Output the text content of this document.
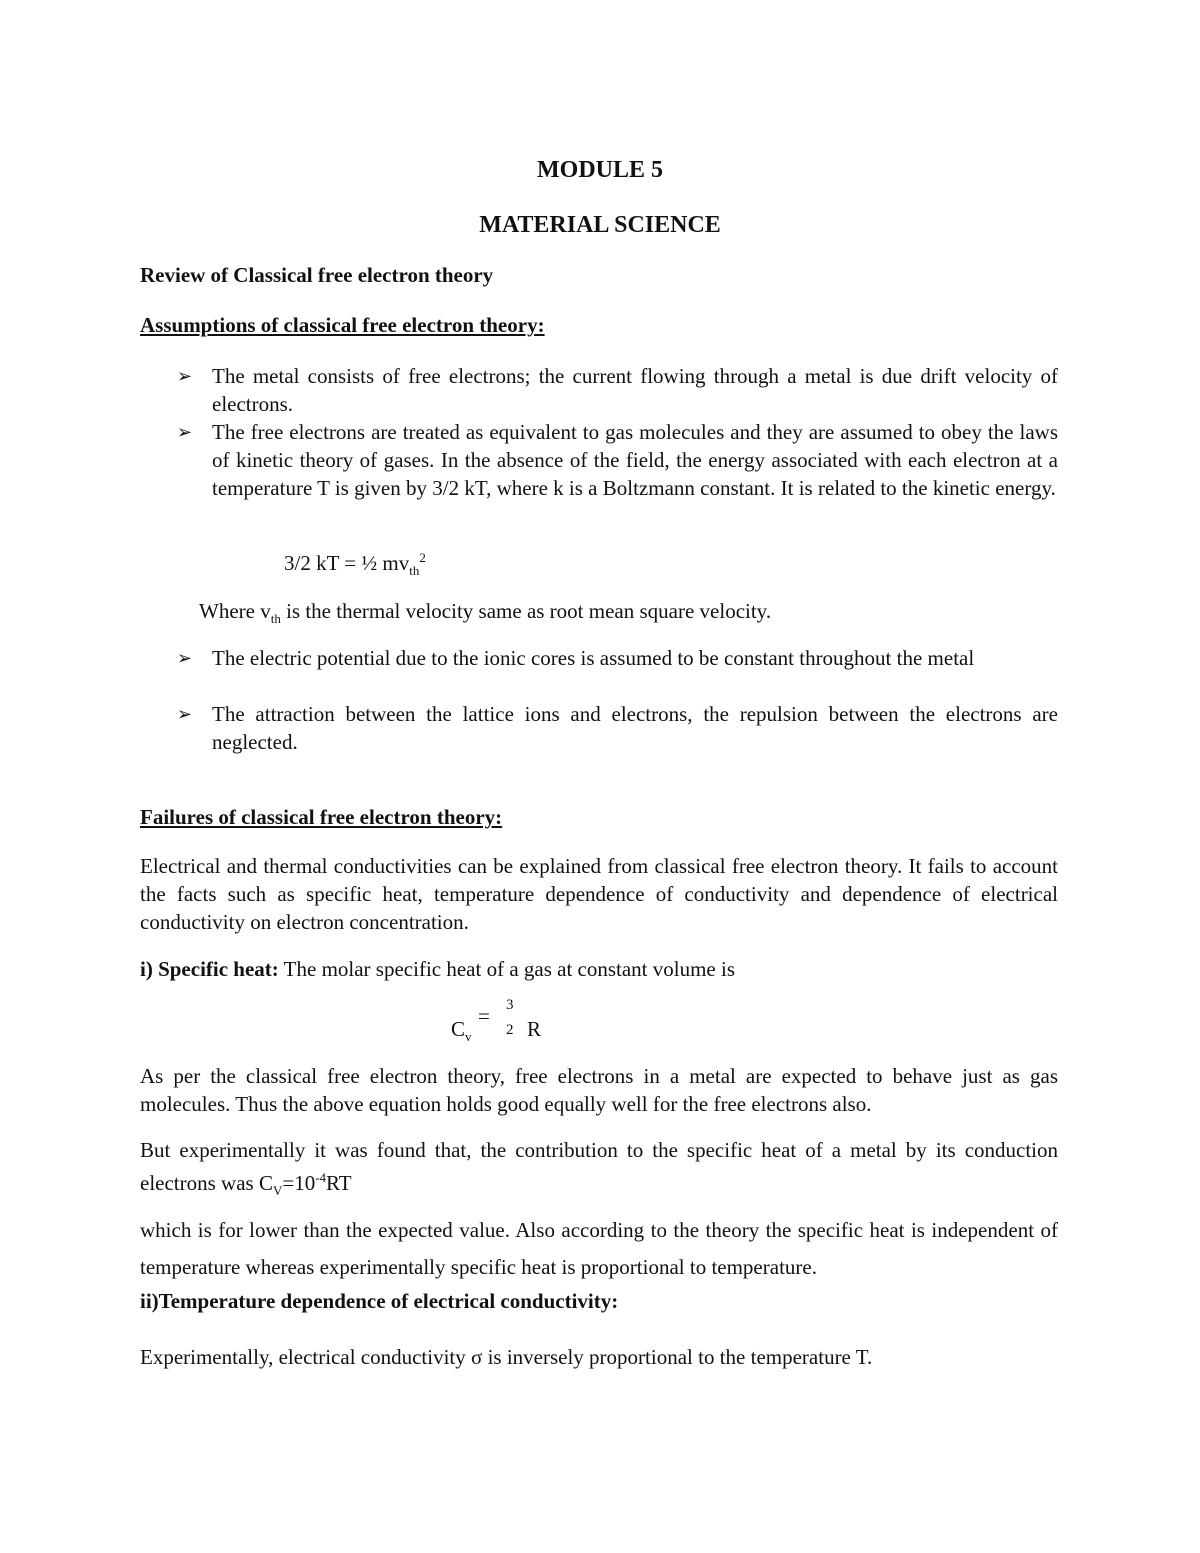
MODULE 5
MATERIAL SCIENCE
Review of Classical free electron theory
Assumptions of classical free electron theory:
➢ The metal consists of free electrons; the current flowing through a metal is due drift velocity of electrons.
➢ The free electrons are treated as equivalent to gas molecules and they are assumed to obey the laws of kinetic theory of gases. In the absence of the field, the energy associated with each electron at a temperature T is given by 3/2 kT, where k is a Boltzmann constant. It is related to the kinetic energy.
3/2 kT = ½ $mv_{th}^2$
Where $v_{th}$ is the thermal velocity same as root mean square velocity.
➢ The electric potential due to the ionic cores is assumed to be constant throughout the metal
➢ The attraction between the lattice ions and electrons, the repulsion between the electrons are neglected.
Failures of classical free electron theory:
Electrical and thermal conductivities can be explained from classical free electron theory. It fails to account the facts such as specific heat, temperature dependence of conductivity and dependence of electrical conductivity on electron concentration.
i) Specific heat: The molar specific heat of a gas at constant volume is
$C_v$
= 3
2 R
As per the classical free electron theory, free electrons in a metal are expected to behave just as gas molecules. Thus the above equation holds good equally well for the free electrons also.
But experimentally it was found that, the contribution to the specific heat of a metal by its conduction electrons was $C_V=10^{-4}RT$
which is for lower than the expected value. Also according to the theory the specific heat is independent of temperature whereas experimentally specific heat is proportional to temperature.
ii)Temperature dependence of electrical conductivity:
Experimentally, electrical conductivity σ is inversely proportional to the temperature T.
